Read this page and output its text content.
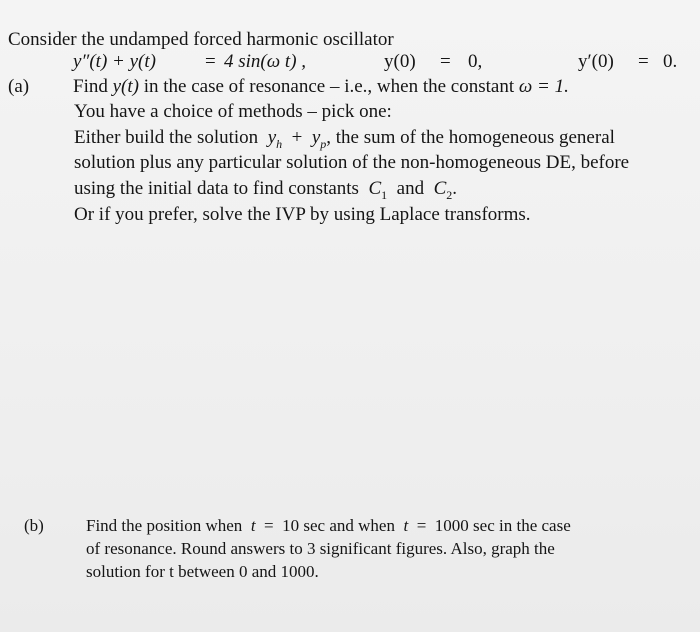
Consider the undamped forced harmonic oscillator
y″(t) + y(t)	= 4 sin(ω t) ,	y(0) = 0,	y′(0) = 0.
(a) Find y(t) in the case of resonance – i.e., when the constant ω = 1.
You have a choice of methods – pick one:
Either build the solution $y_h + y_p$, the sum of the homogeneous general
solution plus any particular solution of the non-homogeneous DE, before
using the initial data to find constants $C_1$ and $C_2$.
Or if you prefer, solve the IVP by using Laplace transforms.
(b) Find the position when t = 10 sec and when t = 1000 sec in the case
of resonance. Round answers to 3 significant figures. Also, graph the
solution for t between 0 and 1000.
